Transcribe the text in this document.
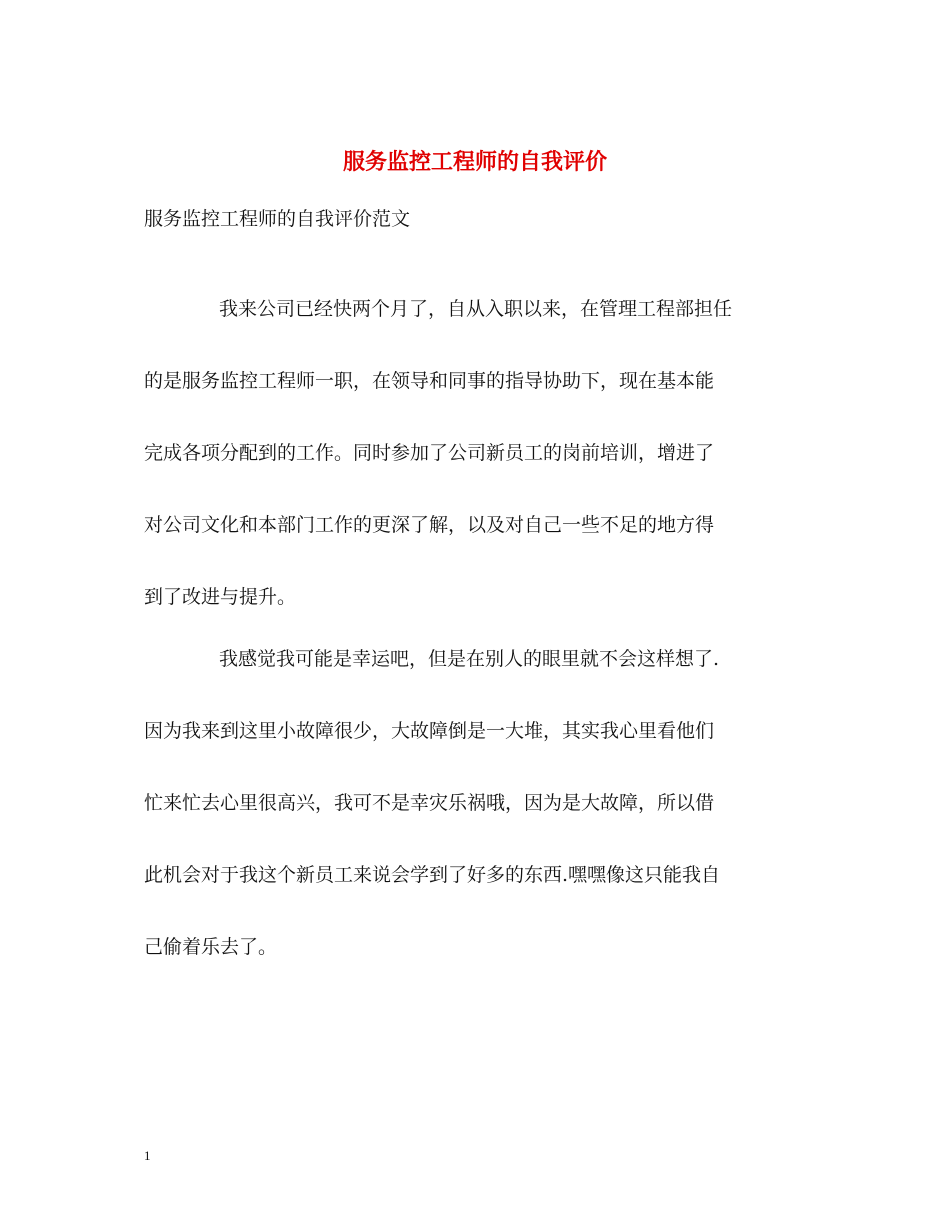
服务监控工程师的自我评价

服务监控工程师的自我评价范文

我来公司已经快两个月了，自从入职以来，在管理工程部担任

的是服务监控工程师一职，在领导和同事的指导协助下，现在基本能

完成各项分配到的工作。同时参加了公司新员工的岗前培训，增进了

对公司文化和本部门工作的更深了解，以及对自己一些不足的地方得

到了改进与提升。

我感觉我可能是幸运吧，但是在别人的眼里就不会这样想了.

因为我来到这里小故障很少，大故障倒是一大堆，其实我心里看他们

忙来忙去心里很高兴，我可不是幸灾乐祸哦，因为是大故障，所以借

此机会对于我这个新员工来说会学到了好多的东西.嘿嘿像这只能我自

己偷着乐去了。

1
